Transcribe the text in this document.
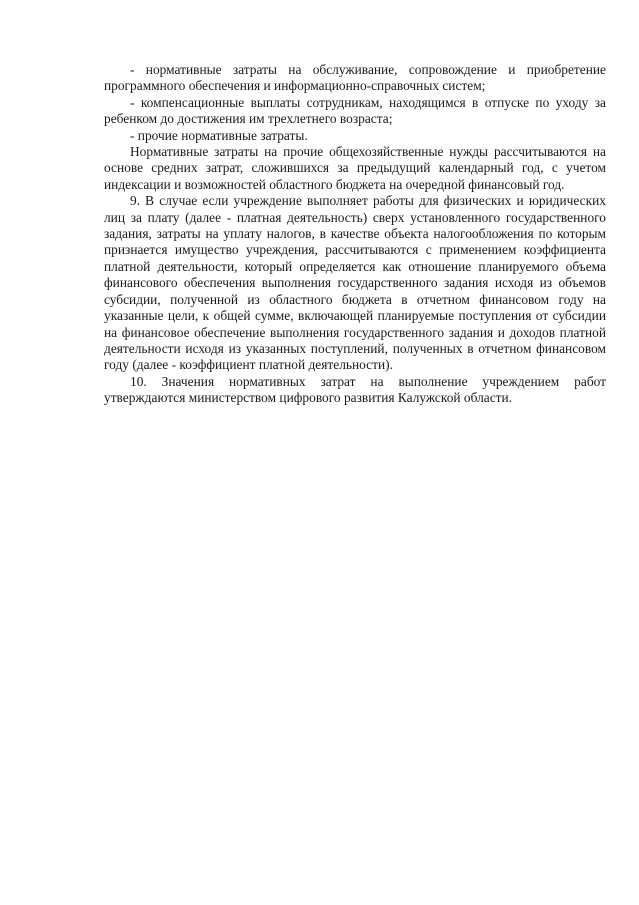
- нормативные затраты на обслуживание, сопровождение и приобретение программного обеспечения и информационно-справочных систем;

- компенсационные выплаты сотрудникам, находящимся в отпуске по уходу за ребенком до достижения им трехлетнего возраста;

- прочие нормативные затраты.

Нормативные затраты на прочие общехозяйственные нужды рассчитываются на основе средних затрат, сложившихся за предыдущий календарный год, с учетом индексации и возможностей областного бюджета на очередной финансовый год.

9. В случае если учреждение выполняет работы для физических и юридических лиц за плату (далее - платная деятельность) сверх установленного государственного задания, затраты на уплату налогов, в качестве объекта налогообложения по которым признается имущество учреждения, рассчитываются с применением коэффициента платной деятельности, который определяется как отношение планируемого объема финансового обеспечения выполнения государственного задания исходя из объемов субсидии, полученной из областного бюджета в отчетном финансовом году на указанные цели, к общей сумме, включающей планируемые поступления от субсидии на финансовое обеспечение выполнения государственного задания и доходов платной деятельности исходя из указанных поступлений, полученных в отчетном финансовом году (далее - коэффициент платной деятельности).

10. Значения нормативных затрат на выполнение учреждением работ утверждаются министерством цифрового развития Калужской области.
